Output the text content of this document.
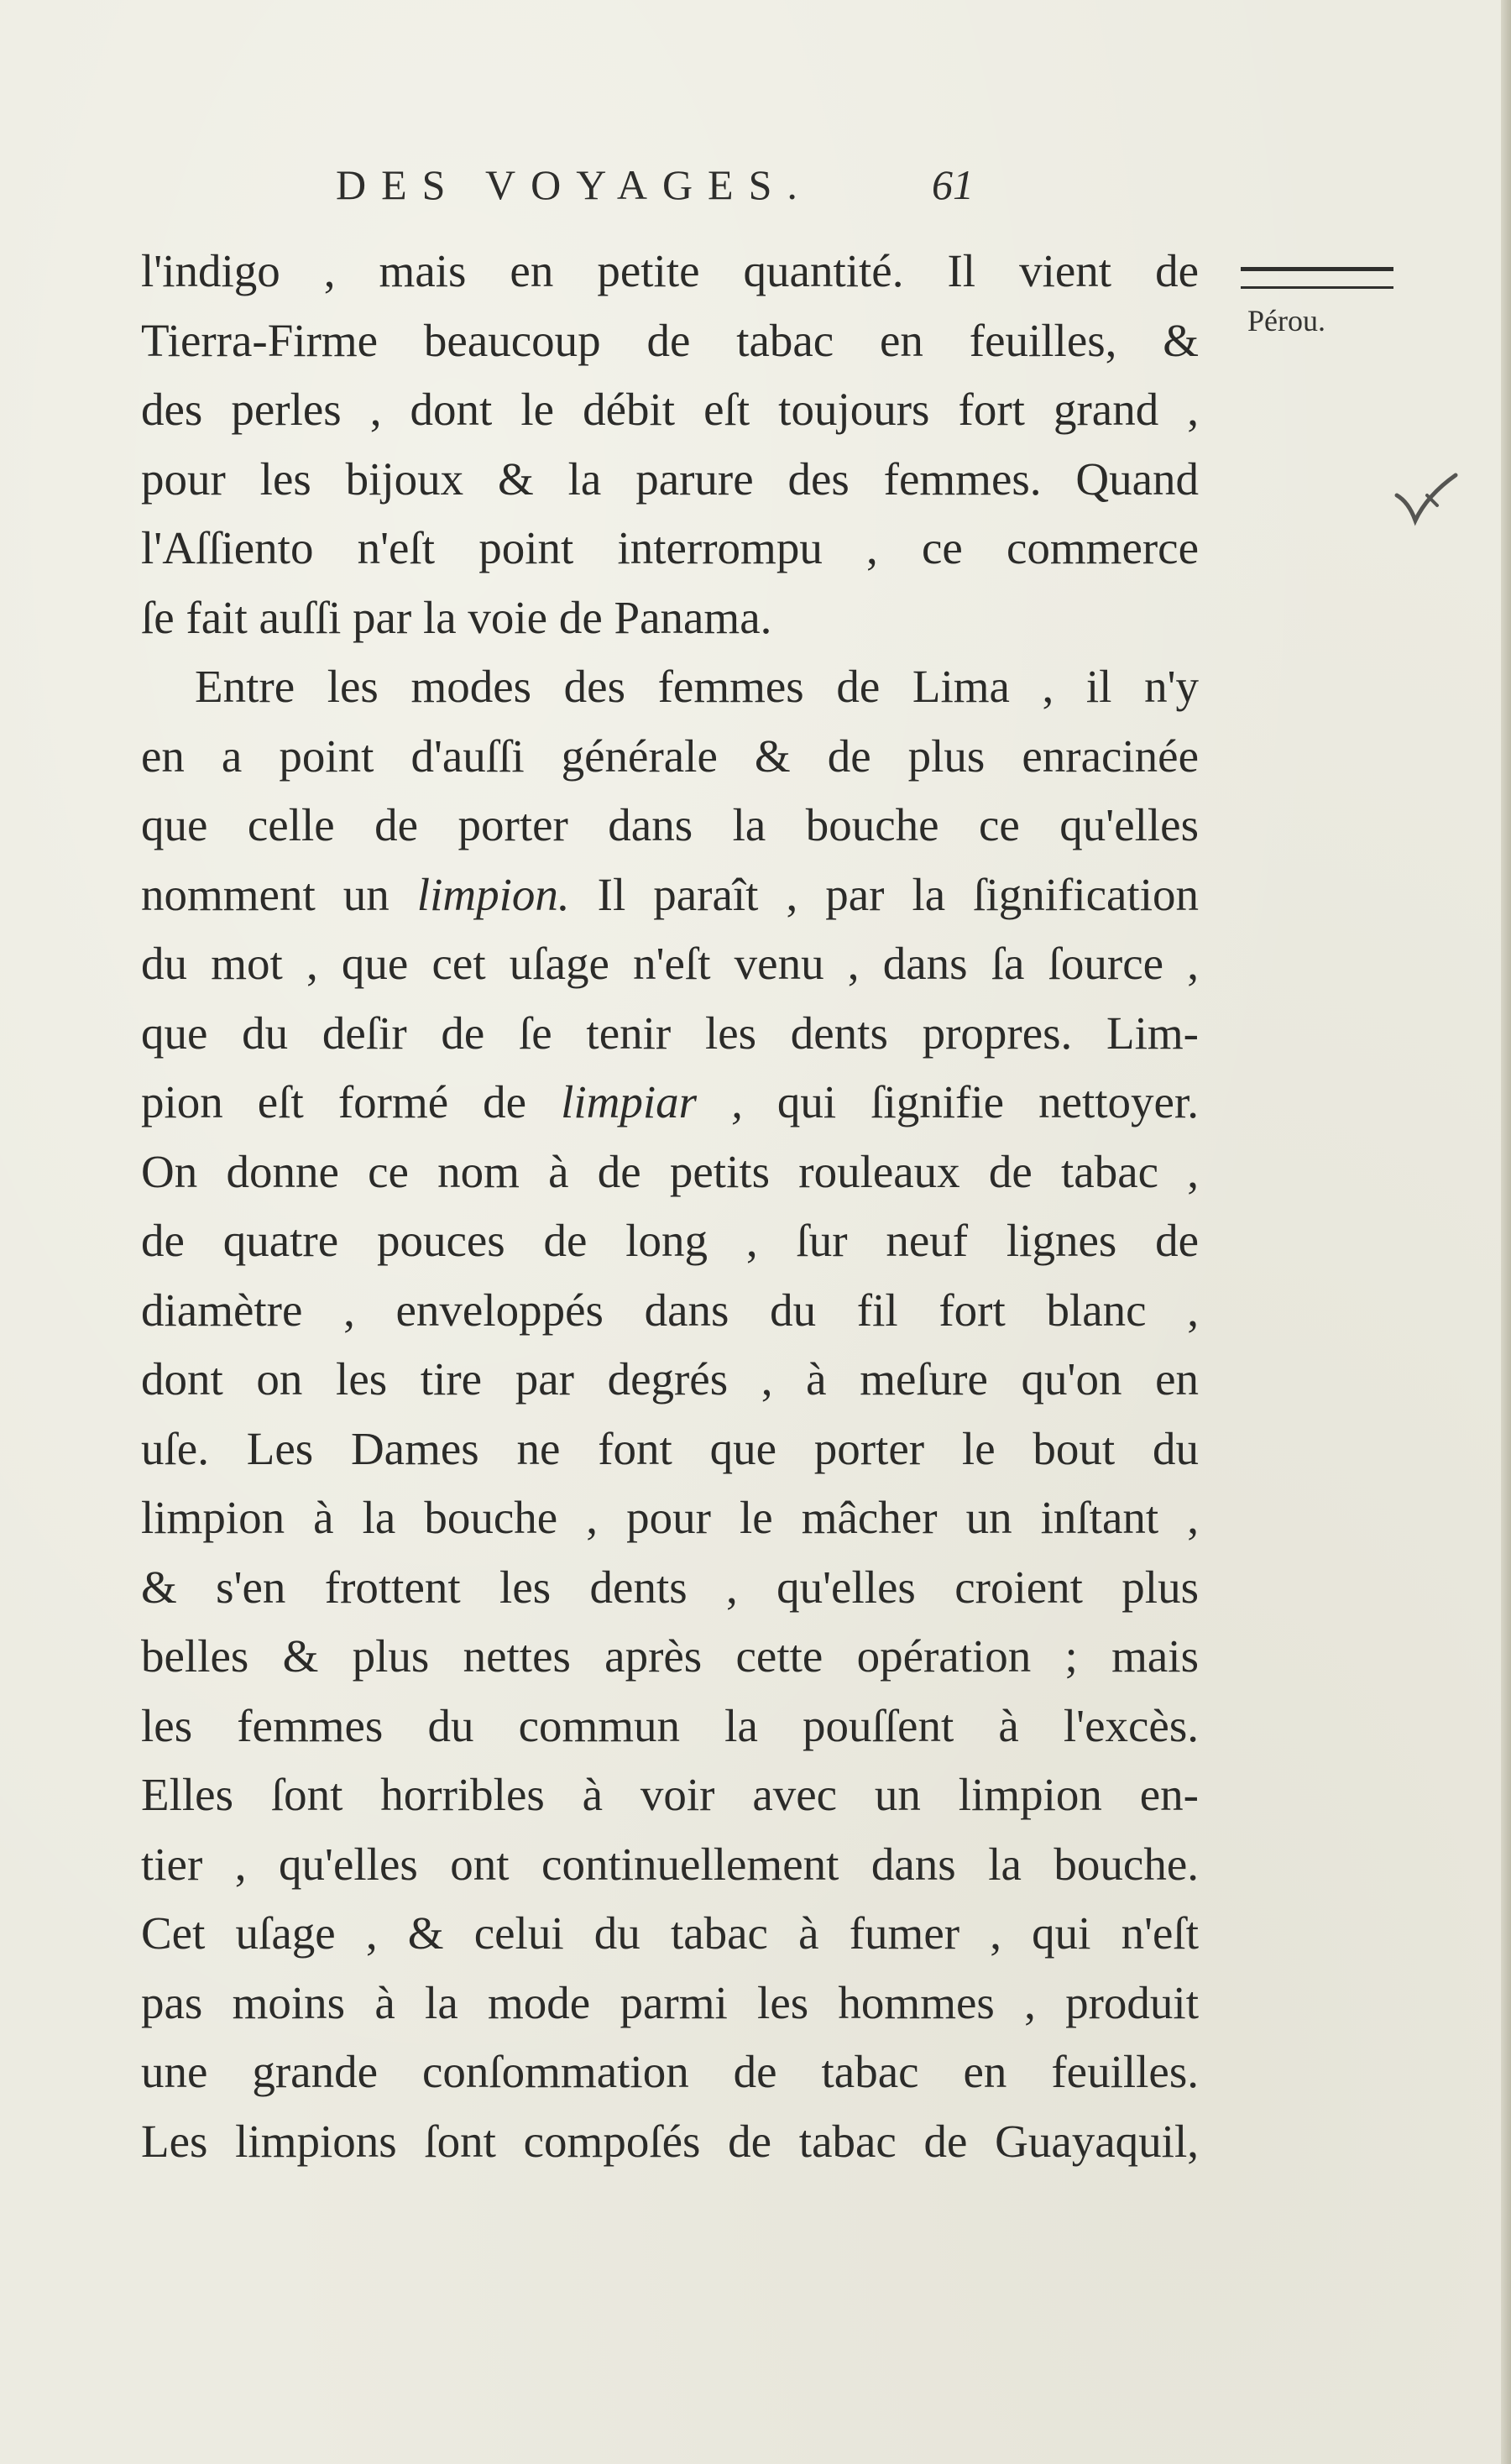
DES VOYAGES.	61
Pérou.
l'indigo , mais en petite quantité. Il vient de
Tierra-Firme beaucoup de tabac en feuilles, &
des perles , dont le débit eſt toujours fort grand ,
pour les bijoux & la parure des femmes. Quand
l'Aſſiento n'eſt point interrompu , ce commerce
ſe fait auſſi par la voie de Panama.
Entre les modes des femmes de Lima , il n'y
en a point d'auſſi générale & de plus enracinée
que celle de porter dans la bouche ce qu'elles
nomment un limpion. Il paraît , par la ſignification
du mot , que cet uſage n'eſt venu , dans ſa ſource ,
que du deſir de ſe tenir les dents propres. Lim-
pion eſt formé de limpiar , qui ſignifie nettoyer.
On donne ce nom à de petits rouleaux de tabac ,
de quatre pouces de long , ſur neuf lignes de
diamètre , enveloppés dans du fil fort blanc ,
dont on les tire par degrés , à meſure qu'on en
uſe. Les Dames ne font que porter le bout du
limpion à la bouche , pour le mâcher un inſtant ,
& s'en frottent les dents , qu'elles croient plus
belles & plus nettes après cette opération ; mais
les femmes du commun la pouſſent à l'excès.
Elles ſont horribles à voir avec un limpion en-
tier , qu'elles ont continuellement dans la bouche.
Cet uſage , & celui du tabac à fumer , qui n'eſt
pas moins à la mode parmi les hommes , produit
une grande conſommation de tabac en feuilles.
Les limpions ſont compoſés de tabac de Guayaquil,
